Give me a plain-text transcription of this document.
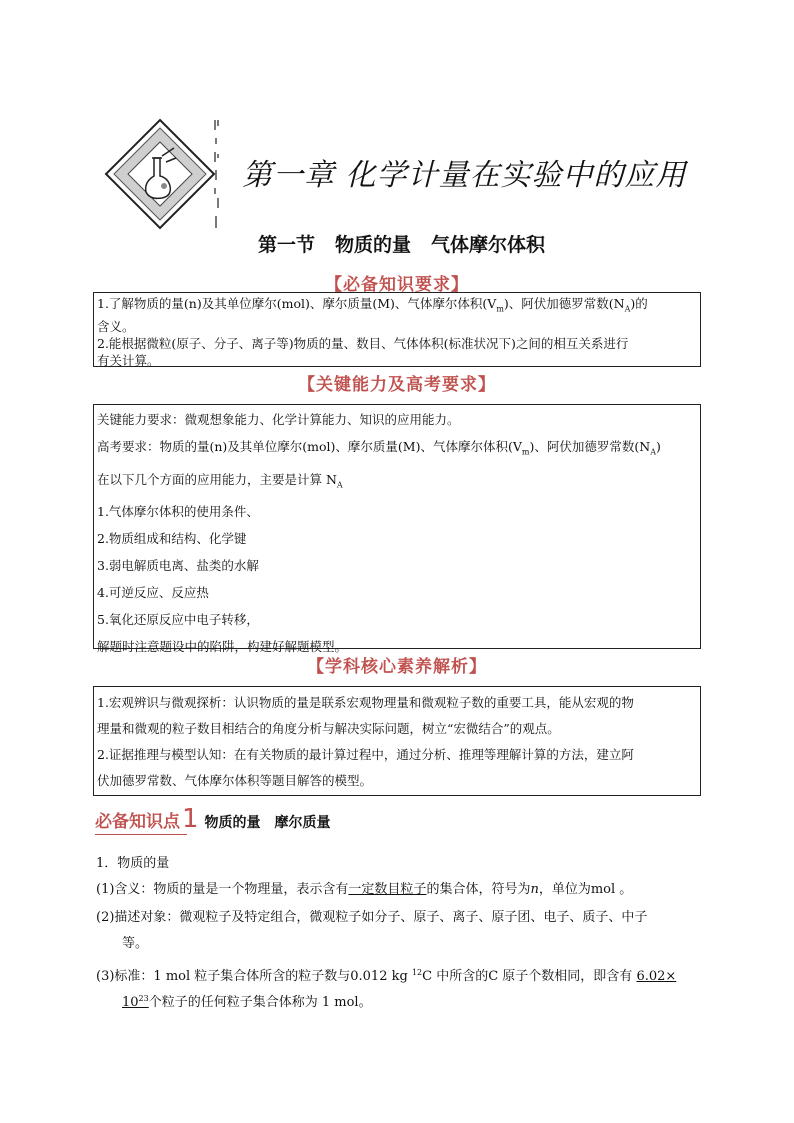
第一章 化学计量在实验中的应用
第一节 物质的量 气体摩尔体积
【必备知识要求】

1.了解物质的量(n)及其单位摩尔(mol)、摩尔质量(M)、气体摩尔体积$(V_m)$、阿伏加德罗常数$(N_A)$的

含义。

2.能根据微粒(原子、分子、离子等)物质的量、数目、气体体积(标准状况下)之间的相互关系进行

有关计算。

【关键能力及高考要求】

关键能力要求：微观想象能力、化学计算能力、知识的应用能力。

高考要求：物质的量(n)及其单位摩尔(mol)、摩尔质量(M)、气体摩尔体积$(V_m)$、阿伏加德罗常数$(N_A)$

在以下几个方面的应用能力，主要是计算 $N_A$

1.气体摩尔体积的使用条件、

2.物质组成和结构、化学键

3.弱电解质电离、盐类的水解

4.可逆反应、反应热

5.氧化还原反应中电子转移，

解题时注意题设中的陷阱，构建好解题模型。

【学科核心素养解析】

1.宏观辨识与微观探析：认识物质的量是联系宏观物理量和微观粒子数的重要工具，能从宏观的物

理量和微观的粒子数目相结合的角度分析与解决实际问题，树立“宏微结合”的观点。

2.证据推理与模型认知：在有关物质的最计算过程中，通过分析、推理等理解计算的方法，建立阿

伏加德罗常数、气体摩尔体积等题目解答的模型。

必备知识点1 物质的量 摩尔质量
1．物质的量
(1)含义：物质的量是一个物理量，表示含有一定数目粒子的集合体，符号为n，单位为mol 。
(2)描述对象：微观粒子及特定组合，微观粒子如分子、原子、离子、原子团、电子、质子、中子
等。
(3)标准：1 mol 粒子集合体所含的粒子数与0.012 kg $^{12}$C 中所含的C 原子个数相同，即含有 6.02×
$10^{23}$个粒子的任何粒子集合体称为 1 mol。
